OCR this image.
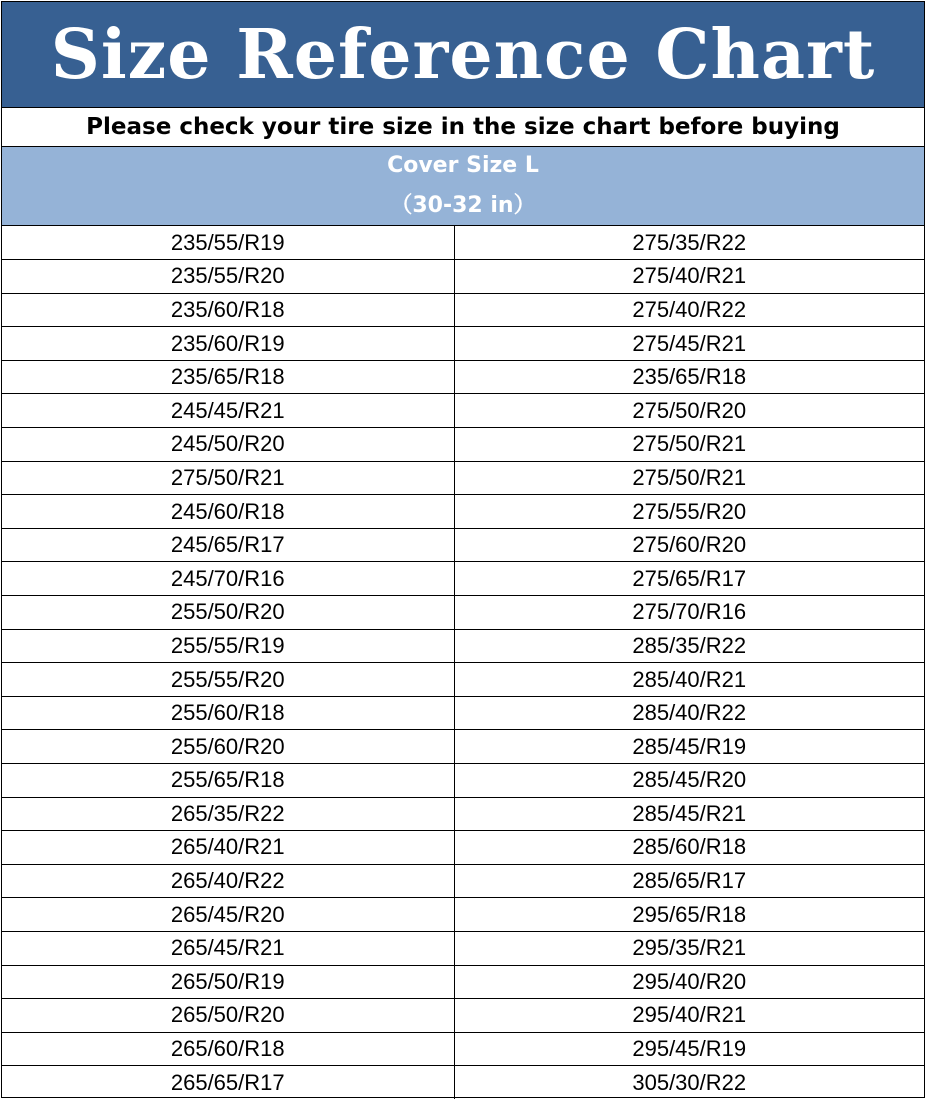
Size Reference Chart
Please check your tire size in the size chart before buying
Cover Size L
（30-32 in）
235/55/R19	275/35/R22
235/55/R20	275/40/R21
235/60/R18	275/40/R22
235/60/R19	275/45/R21
235/65/R18	235/65/R18
245/45/R21	275/50/R20
245/50/R20	275/50/R21
275/50/R21	275/50/R21
245/60/R18	275/55/R20
245/65/R17	275/60/R20
245/70/R16	275/65/R17
255/50/R20	275/70/R16
255/55/R19	285/35/R22
255/55/R20	285/40/R21
255/60/R18	285/40/R22
255/60/R20	285/45/R19
255/65/R18	285/45/R20
265/35/R22	285/45/R21
265/40/R21	285/60/R18
265/40/R22	285/65/R17
265/45/R20	295/65/R18
265/45/R21	295/35/R21
265/50/R19	295/40/R20
265/50/R20	295/40/R21
265/60/R18	295/45/R19
265/65/R17	305/30/R22
